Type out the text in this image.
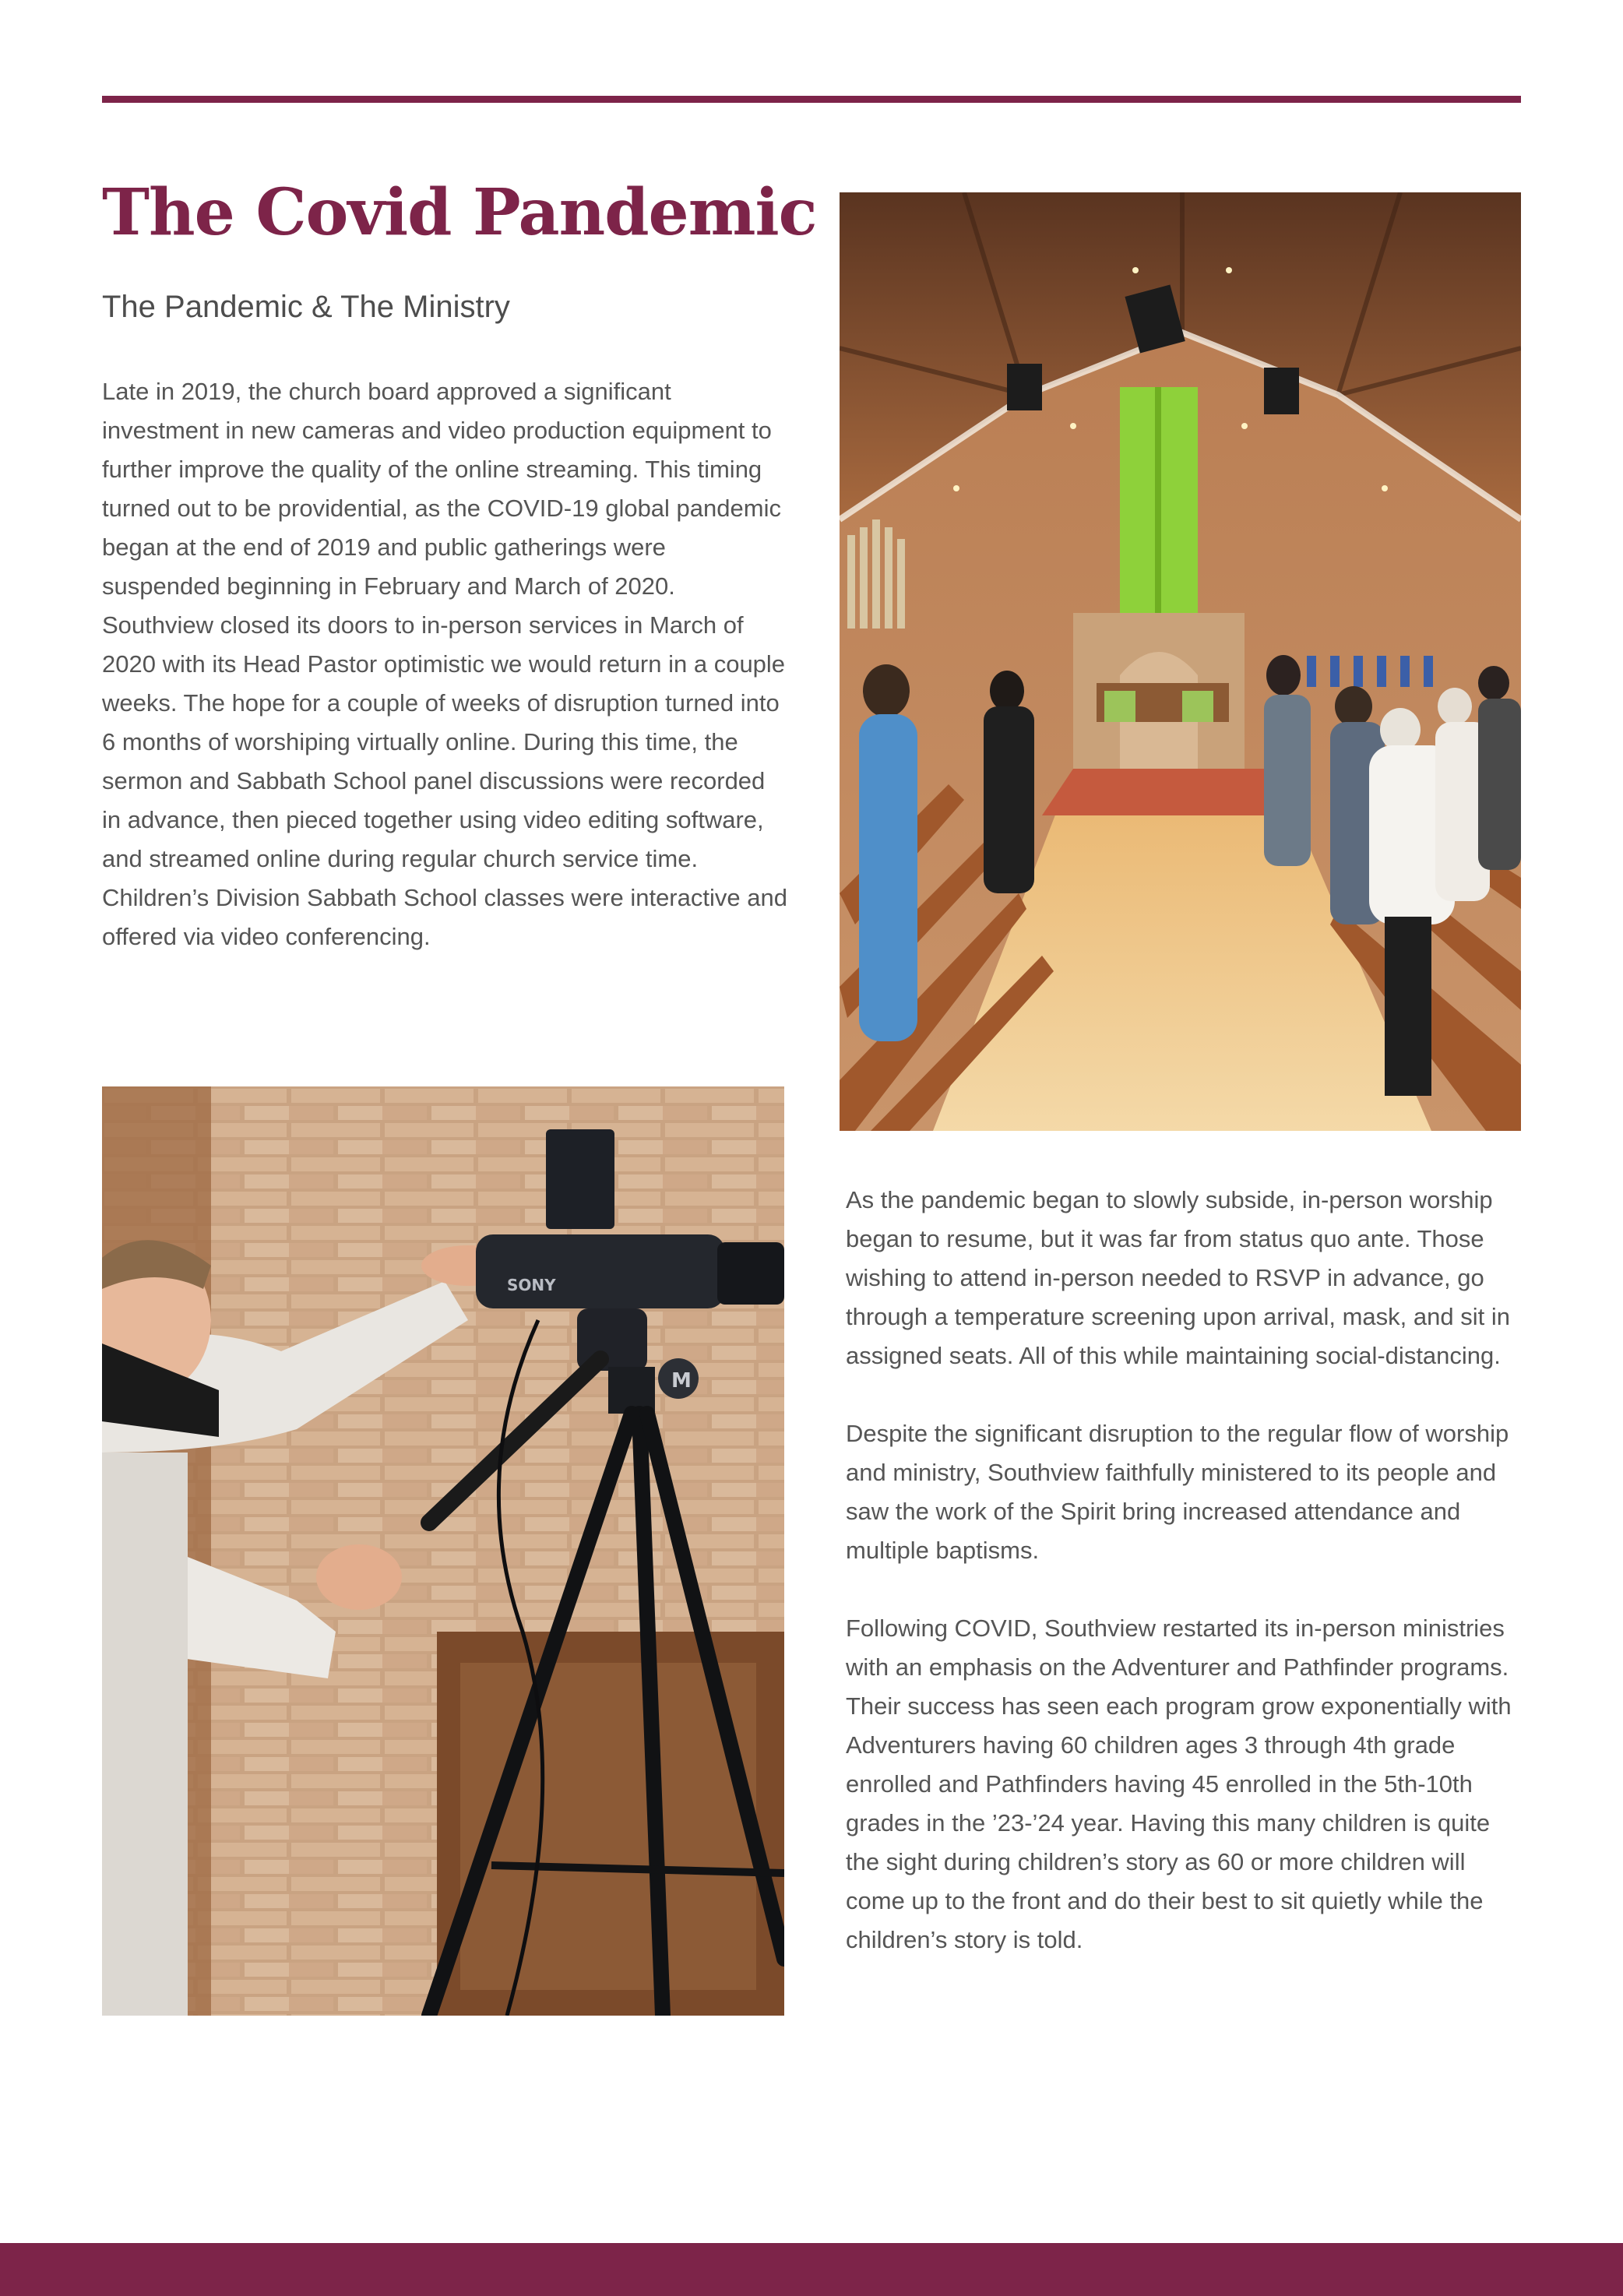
The Covid Pandemic
The Pandemic & The Ministry

Late in 2019, the church board approved a significant investment in new cameras and video production equipment to further improve the quality of the online streaming. This timing turned out to be providential, as the COVID-19 global pandemic began at the end of 2019 and public gatherings were suspended beginning in February and March of 2020. Southview closed its doors to in-person services in March of 2020 with its Head Pastor optimistic we would return in a couple weeks. The hope for a couple of weeks of disruption turned into 6 months of worshiping virtually online. During this time, the sermon and Sabbath School panel discussions were recorded in advance, then pieced together using video editing software, and streamed online during regular church service time. Children’s Division Sabbath School classes were interactive and offered via video conferencing.

SONY
M

As the pandemic began to slowly subside, in-person worship began to resume, but it was far from status quo ante. Those wishing to attend in-person needed to RSVP in advance, go through a temperature screening upon arrival, mask, and sit in assigned seats. All of this while maintaining social-distancing.

Despite the significant disruption to the regular flow of worship and ministry, Southview faithfully ministered to its people and saw the work of the Spirit bring increased attendance and multiple baptisms.

Following COVID, Southview restarted its in-person ministries with an emphasis on the Adventurer and Pathfinder programs. Their success has seen each program grow exponentially with Adventurers having 60 children ages 3 through 4th grade enrolled and Pathfinders having 45 enrolled in the 5th-10th grades in the ’23-’24 year. Having this many children is quite the sight during children’s story as 60 or more children will come up to the front and do their best to sit quietly while the children’s story is told.
